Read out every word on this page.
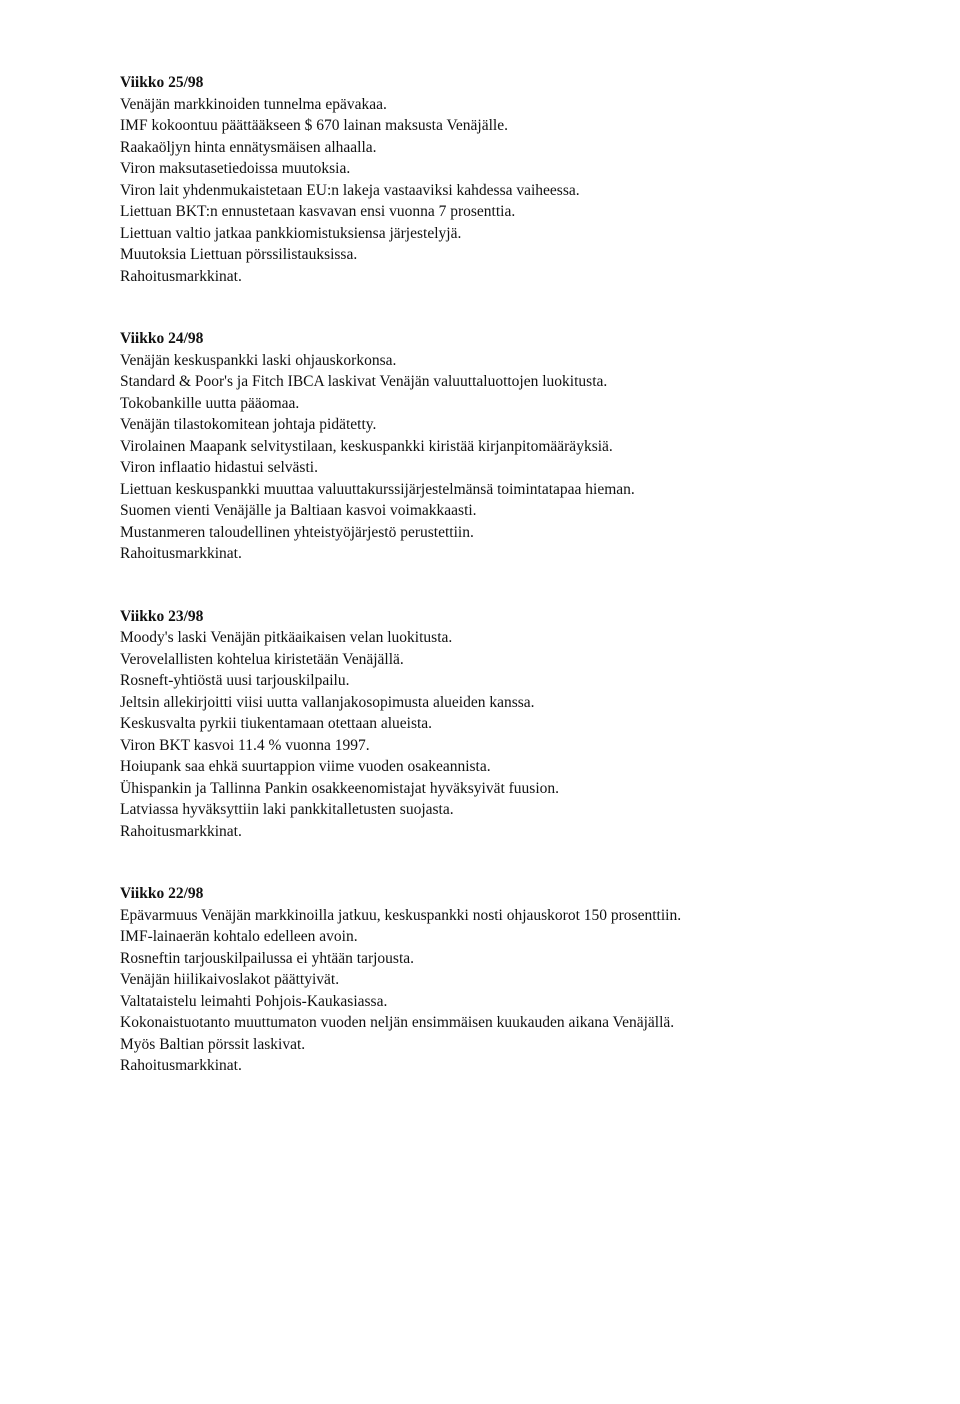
Viikko 25/98

Venäjän markkinoiden tunnelma epävakaa.
IMF kokoontuu päättääkseen $ 670 lainan maksusta Venäjälle.
Raakaöljyn hinta ennätysmäisen alhaalla.
Viron maksutasetiedoissa muutoksia.
Viron lait yhdenmukaistetaan EU:n lakeja vastaaviksi kahdessa vaiheessa.
Liettuan BKT:n ennustetaan kasvavan ensi vuonna 7 prosenttia.
Liettuan valtio jatkaa pankkiomistuksiensa järjestelyjä.
Muutoksia Liettuan pörssilistauksissa.
Rahoitusmarkkinat.

Viikko 24/98

Venäjän keskuspankki laski ohjauskorkonsa.
Standard & Poor's ja Fitch IBCA laskivat Venäjän valuuttaluottojen luokitusta.
Tokobankille uutta pääomaa.
Venäjän tilastokomitean johtaja pidätetty.
Virolainen Maapank selvitystilaan, keskuspankki kiristää kirjanpitomääräyksiä.
Viron inflaatio hidastui selvästi.
Liettuan keskuspankki muuttaa valuuttakurssijärjestelmänsä toimintatapaa hieman.
Suomen vienti Venäjälle ja Baltiaan kasvoi voimakkaasti.
Mustanmeren taloudellinen yhteistyöjärjestö perustettiin.
Rahoitusmarkkinat.

Viikko 23/98

Moody's laski Venäjän pitkäaikaisen velan luokitusta.
Verovelallisten kohtelua kiristetään Venäjällä.
Rosneft-yhtiöstä uusi tarjouskilpailu.
Jeltsin allekirjoitti viisi uutta vallanjakosopimusta alueiden kanssa.
Keskusvalta pyrkii tiukentamaan otettaan alueista.
Viron BKT kasvoi 11.4 % vuonna 1997.
Hoiupank saa ehkä suurtappion viime vuoden osakeannista.
Ühispankin ja Tallinna Pankin osakkeenomistajat hyväksyivät fuusion.
Latviassa hyväksyttiin laki pankkitalletusten suojasta.
Rahoitusmarkkinat.

Viikko 22/98

Epävarmuus Venäjän markkinoilla jatkuu, keskuspankki nosti ohjauskorot 150 prosenttiin.
IMF-lainaerän kohtalo edelleen avoin.
Rosneftin tarjouskilpailussa ei yhtään tarjousta.
Venäjän hiilikaivoslakot päättyivät.
Valtataistelu leimahti Pohjois-Kaukasiassa.
Kokonaistuotanto muuttumaton vuoden neljän ensimmäisen kuukauden aikana Venäjällä.
Myös Baltian pörssit laskivat.
Rahoitusmarkkinat.
